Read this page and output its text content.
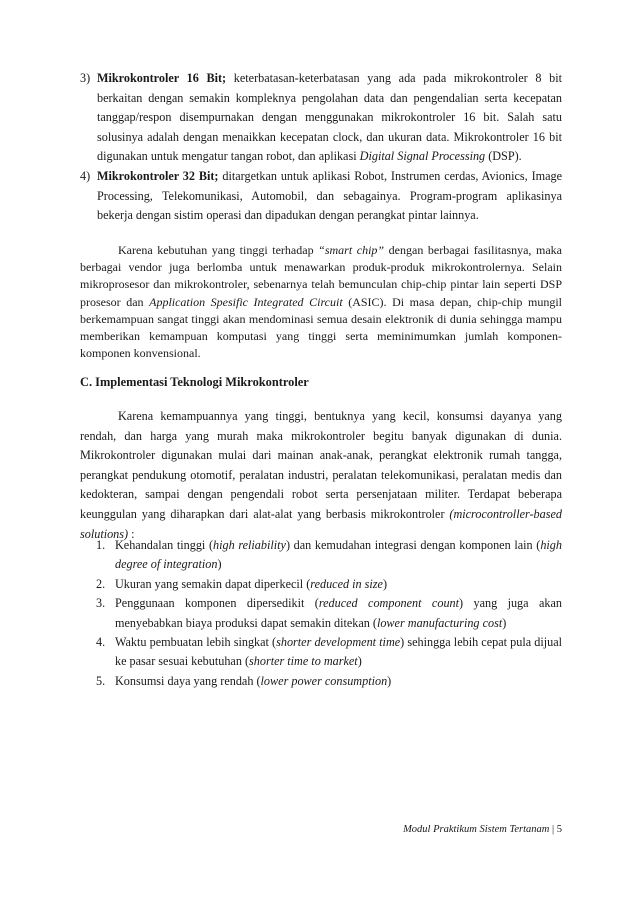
3) Mikrokontroler 16 Bit; keterbatasan-keterbatasan yang ada pada mikrokontroler 8 bit berkaitan dengan semakin kompleknya pengolahan data dan pengendalian serta kecepatan tanggap/respon disempurnakan dengan menggunakan mikrokontroler 16 bit. Salah satu solusinya adalah dengan menaikkan kecepatan clock, dan ukuran data. Mikrokontroler 16 bit digunakan untuk mengatur tangan robot, dan aplikasi Digital Signal Processing (DSP).
4) Mikrokontroler 32 Bit; ditargetkan untuk aplikasi Robot, Instrumen cerdas, Avionics, Image Processing, Telekomunikasi, Automobil, dan sebagainya. Program-program aplikasinya bekerja dengan sistim operasi dan dipadukan dengan perangkat pintar lainnya.
Karena kebutuhan yang tinggi terhadap “smart chip” dengan berbagai fasilitasnya, maka berbagai vendor juga berlomba untuk menawarkan produk-produk mikrokontrolernya. Selain mikroprosesor dan mikrokontroler, sebenarnya telah bemunculan chip-chip pintar lain seperti DSP prosesor dan Application Spesific Integrated Circuit (ASIC). Di masa depan, chip-chip mungil berkemampuan sangat tinggi akan mendominasi semua desain elektronik di dunia sehingga mampu memberikan kemampuan komputasi yang tinggi serta meminimumkan jumlah komponen-komponen konvensional.
C. Implementasi Teknologi Mikrokontroler
Karena kemampuannya yang tinggi, bentuknya yang kecil, konsumsi dayanya yang rendah, dan harga yang murah maka mikrokontroler begitu banyak digunakan di dunia. Mikrokontroler digunakan mulai dari mainan anak-anak, perangkat elektronik rumah tangga, perangkat pendukung otomotif, peralatan industri, peralatan telekomunikasi, peralatan medis dan kedokteran, sampai dengan pengendali robot serta persenjataan militer. Terdapat beberapa keunggulan yang diharapkan dari alat-alat yang berbasis mikrokontroler (microcontroller-based solutions) :
1. Kehandalan tinggi (high reliability) dan kemudahan integrasi dengan komponen lain (high degree of integration)
2. Ukuran yang semakin dapat diperkecil (reduced in size)
3. Penggunaan komponen dipersedikit (reduced component count) yang juga akan menyebabkan biaya produksi dapat semakin ditekan (lower manufacturing cost)
4. Waktu pembuatan lebih singkat (shorter development time) sehingga lebih cepat pula dijual ke pasar sesuai kebutuhan (shorter time to market)
5. Konsumsi daya yang rendah (lower power consumption)
Modul Praktikum Sistem Tertanam | 5
